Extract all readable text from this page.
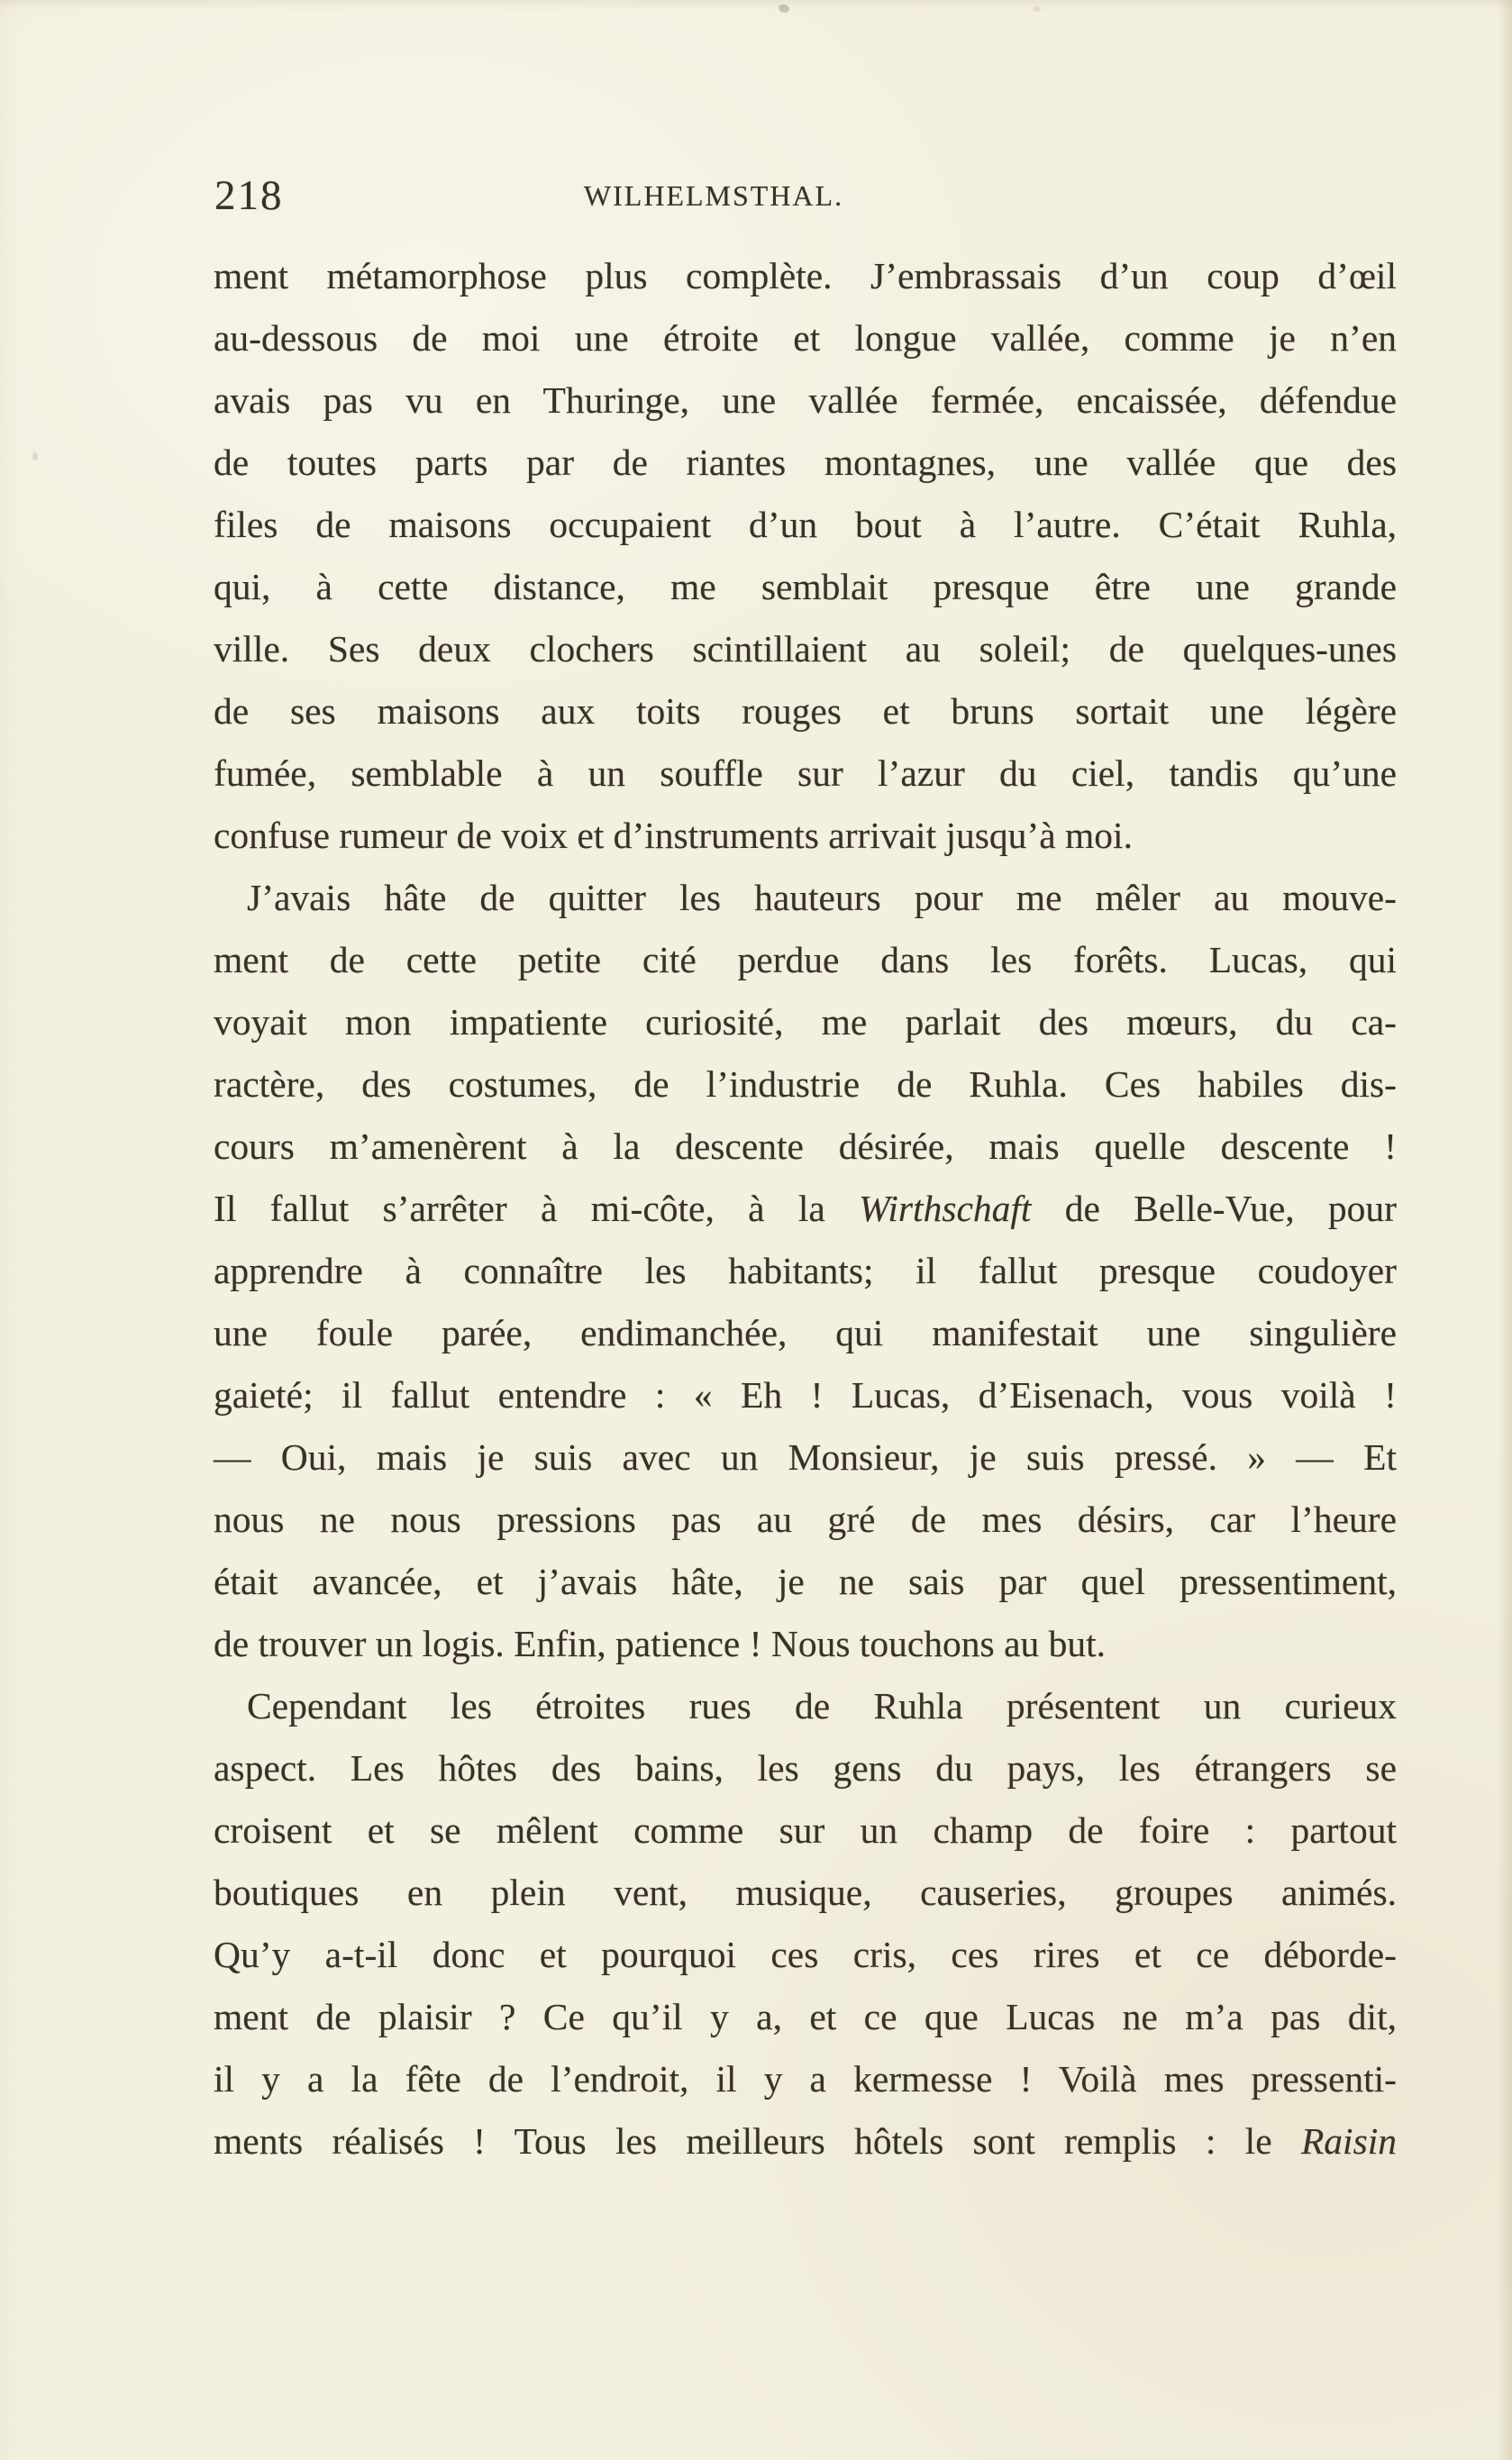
218	WILHELMSTHAL.
ment métamorphose plus complète. J’embrassais d’un coup d’œil
au-dessous de moi une étroite et longue vallée, comme je n’en
avais pas vu en Thuringe, une vallée fermée, encaissée, défendue
de toutes parts par de riantes montagnes, une vallée que des
files de maisons occupaient d’un bout à l’autre. C’était Ruhla,
qui, à cette distance, me semblait presque être une grande
ville. Ses deux clochers scintillaient au soleil; de quelques-unes
de ses maisons aux toits rouges et bruns sortait une légère
fumée, semblable à un souffle sur l’azur du ciel, tandis qu’une
confuse rumeur de voix et d’instruments arrivait jusqu’à moi.
J’avais hâte de quitter les hauteurs pour me mêler au mouve-
ment de cette petite cité perdue dans les forêts. Lucas, qui
voyait mon impatiente curiosité, me parlait des mœurs, du ca-
ractère, des costumes, de l’industrie de Ruhla. Ces habiles dis-
cours m’amenèrent à la descente désirée, mais quelle descente !
Il fallut s’arrêter à mi-côte, à la Wirthschaft de Belle-Vue, pour
apprendre à connaître les habitants; il fallut presque coudoyer
une foule parée, endimanchée, qui manifestait une singulière
gaieté; il fallut entendre : « Eh ! Lucas, d’Eisenach, vous voilà !
— Oui, mais je suis avec un Monsieur, je suis pressé. » — Et
nous ne nous pressions pas au gré de mes désirs, car l’heure
était avancée, et j’avais hâte, je ne sais par quel pressentiment,
de trouver un logis. Enfin, patience ! Nous touchons au but.
Cependant les étroites rues de Ruhla présentent un curieux
aspect. Les hôtes des bains, les gens du pays, les étrangers se
croisent et se mêlent comme sur un champ de foire : partout
boutiques en plein vent, musique, causeries, groupes animés.
Qu’y a-t-il donc et pourquoi ces cris, ces rires et ce déborde-
ment de plaisir ? Ce qu’il y a, et ce que Lucas ne m’a pas dit,
il y a la fête de l’endroit, il y a kermesse ! Voilà mes pressenti-
ments réalisés ! Tous les meilleurs hôtels sont remplis : le Raisin
